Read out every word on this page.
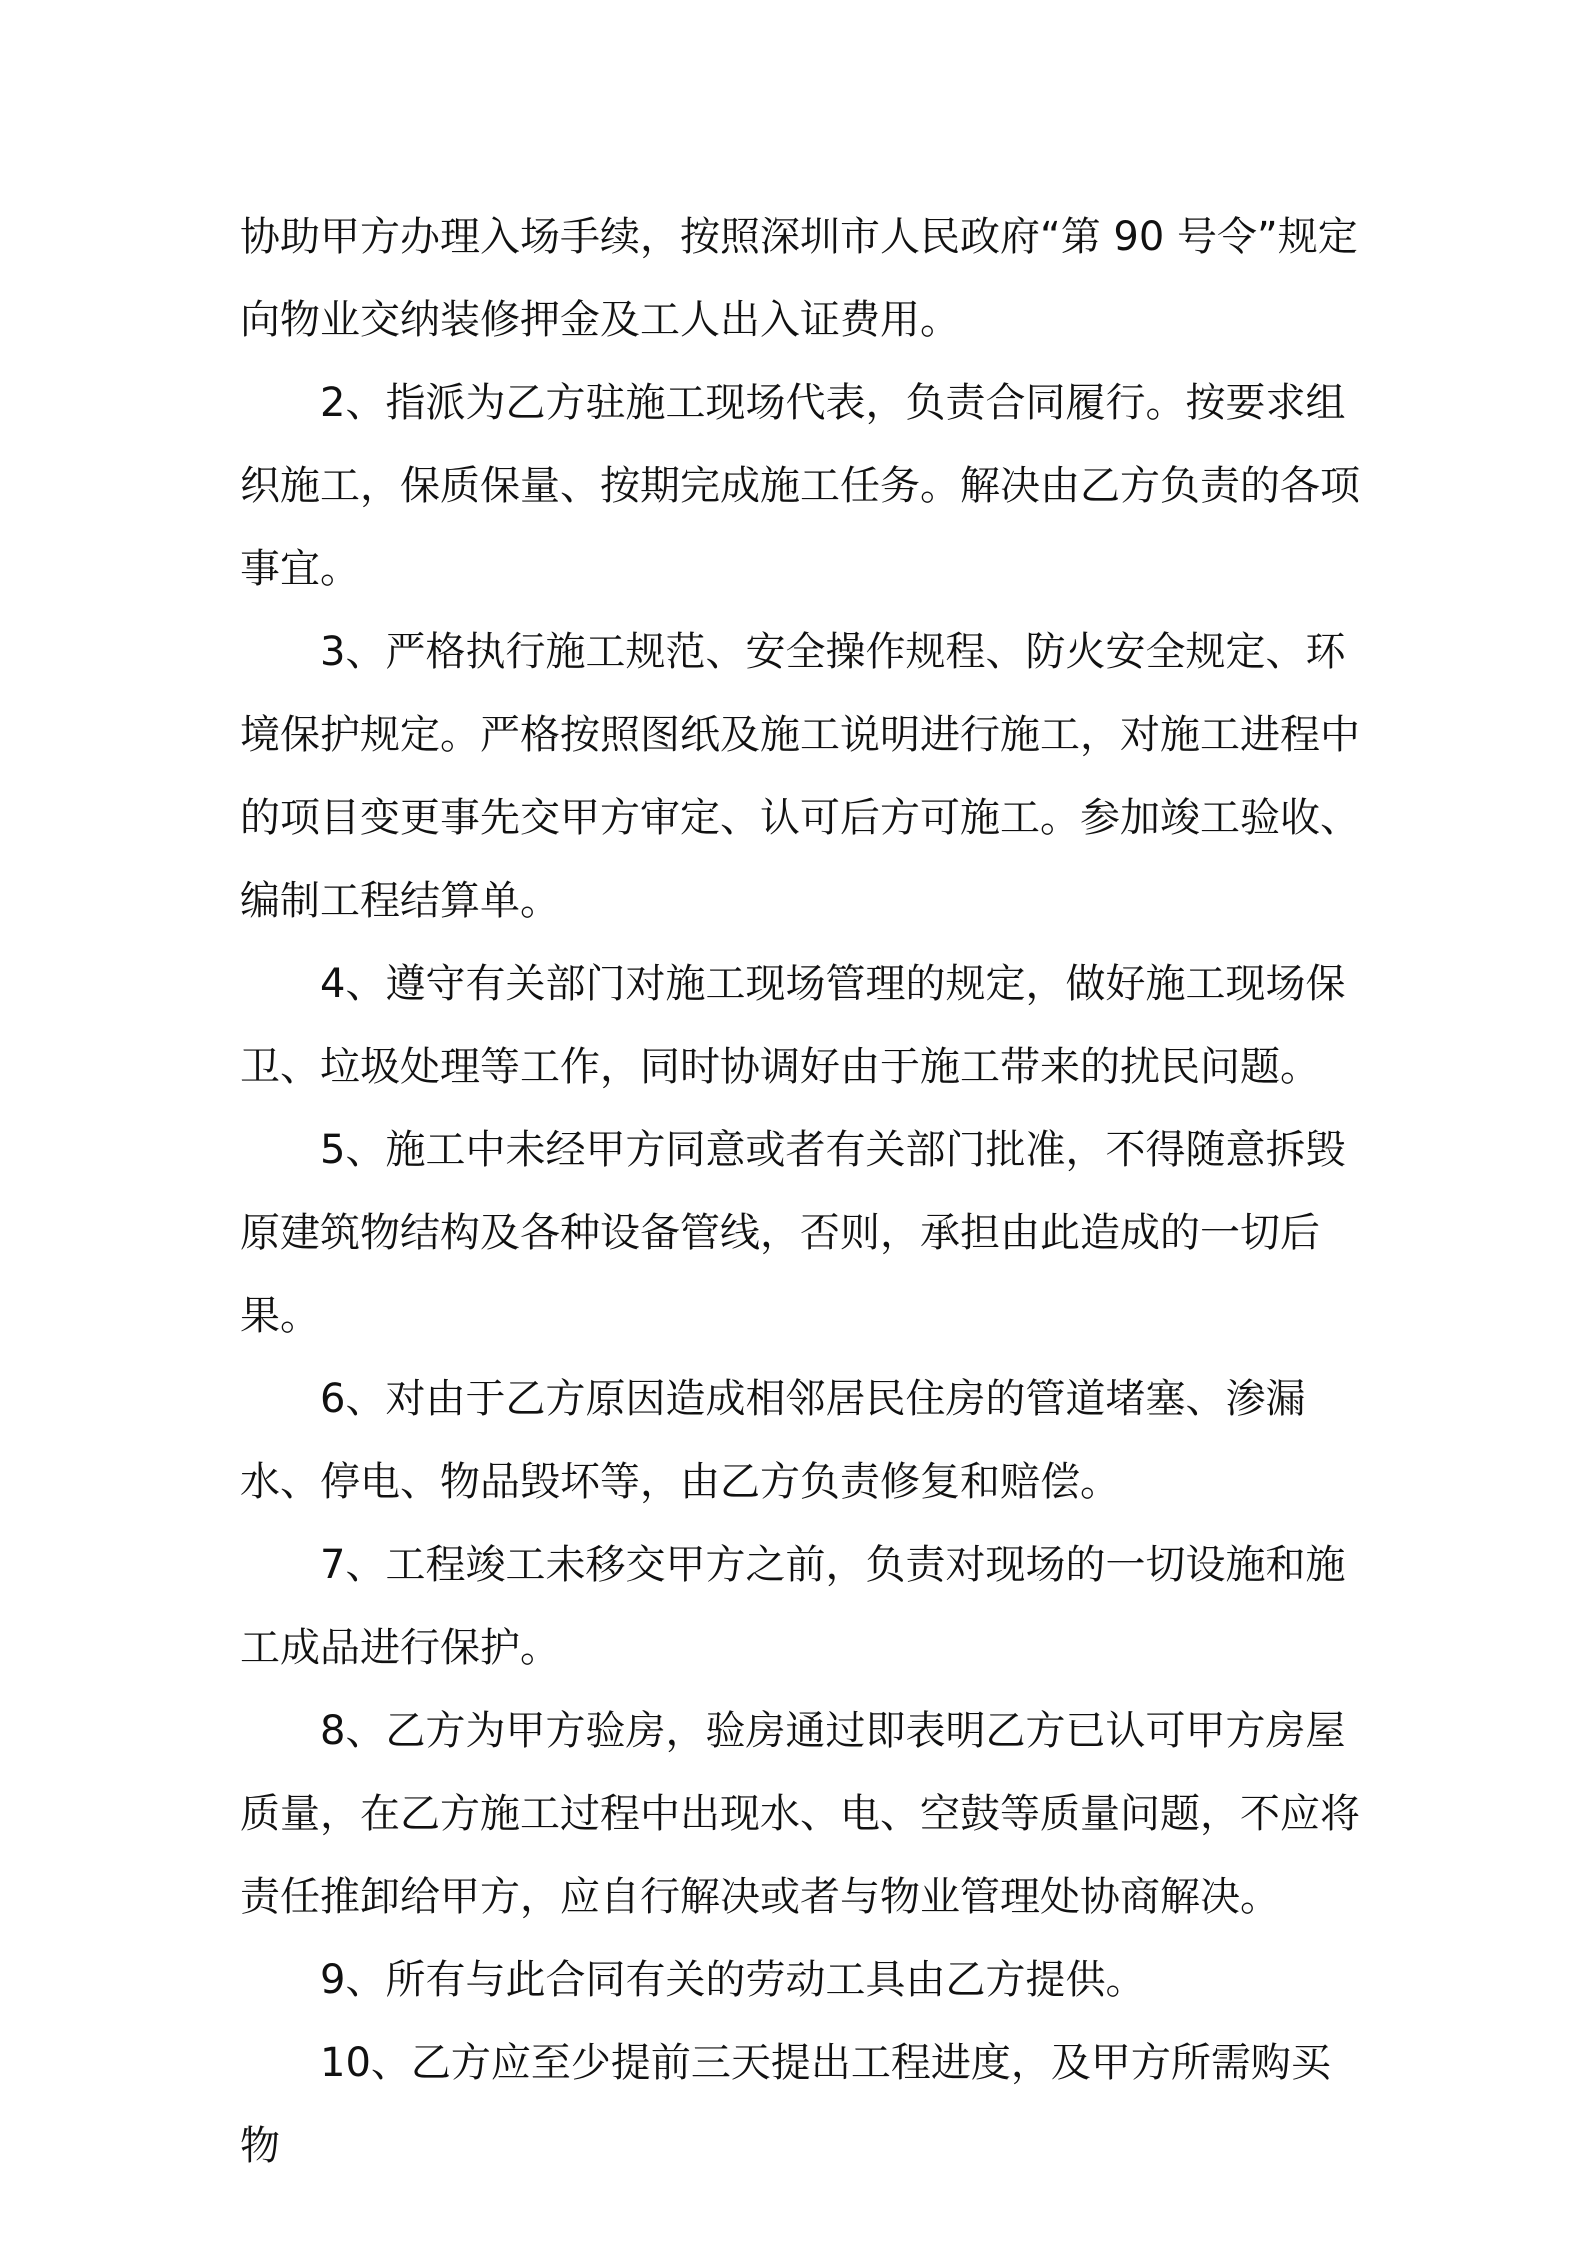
协助甲方办理入场手续，按照深圳市人民政府“第 90 号令”规定向物业交纳装修押金及工人出入证费用。

2、指派为乙方驻施工现场代表，负责合同履行。按要求组织施工，保质保量、按期完成施工任务。解决由乙方负责的各项事宜。

3、严格执行施工规范、安全操作规程、防火安全规定、环境保护规定。严格按照图纸及施工说明进行施工，对施工进程中的项目变更事先交甲方审定、认可后方可施工。参加竣工验收、编制工程结算单。

4、遵守有关部门对施工现场管理的规定，做好施工现场保卫、垃圾处理等工作，同时协调好由于施工带来的扰民问题。

5、施工中未经甲方同意或者有关部门批准，不得随意拆毁原建筑物结构及各种设备管线，否则，承担由此造成的一切后果。

6、对由于乙方原因造成相邻居民住房的管道堵塞、渗漏水、停电、物品毁坏等，由乙方负责修复和赔偿。

7、工程竣工未移交甲方之前，负责对现场的一切设施和施工成品进行保护。

8、乙方为甲方验房，验房通过即表明乙方已认可甲方房屋质量，在乙方施工过程中出现水、电、空鼓等质量问题，不应将责任推卸给甲方，应自行解决或者与物业管理处协商解决。

9、所有与此合同有关的劳动工具由乙方提供。

10、乙方应至少提前三天提出工程进度，及甲方所需购买物
